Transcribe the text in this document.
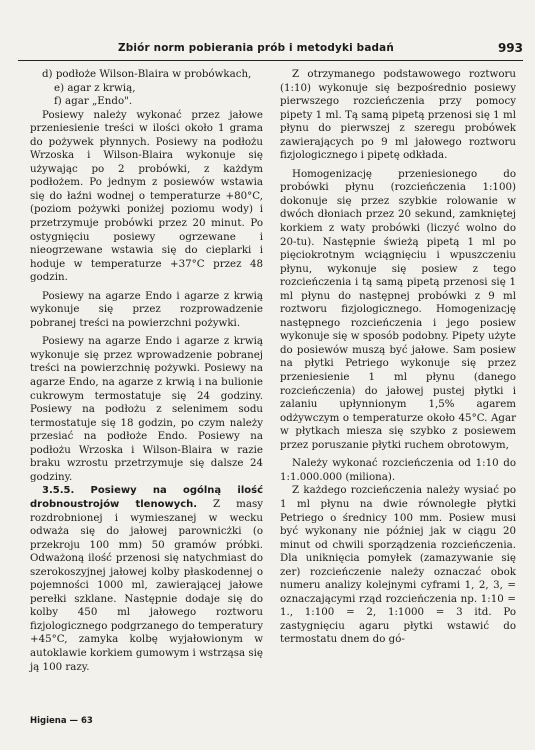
Zbiór norm pobierania prób i metodyki badań	993

d) podłoże Wilson-Blaira w probówkach,

e) agar z krwią,

f) agar „Endo".

Posiewy należy wykonać przez jałowe przeniesienie treści w ilości około 1 grama do pożywek płynnych. Posiewy na podłożu Wrzoska i Wilson-Blaira wykonuje się używając po 2 probówki, z każdym podłożem. Po jednym z posiewów wstawia się do łaźni wodnej o temperaturze +80°C, (poziom pożywki poniżej poziomu wody) i przetrzymuje probówki przez 20 minut. Po ostygnięciu posiewy ogrzewane i nieogrzewane wstawia się do cieplarki i hoduje w temperaturze +37°C przez 48 godzin.

Posiewy na agarze Endo i agarze z krwią wykonuje się przez rozprowadzenie pobranej treści na powierzchni pożywki.

Posiewy na agarze Endo i agarze z krwią wykonuje się przez wprowadzenie pobranej treści na powierzchnię pożywki. Posiewy na agarze Endo, na agarze z krwią i na bulionie cukrowym termostatuje się 24 godziny. Posiewy na podłożu z selenimem sodu termostatuje się 18 godzin, po czym należy przesiać na podłoże Endo. Posiewy na podłożu Wrzoska i Wilson-Blaira w razie braku wzrostu przetrzymuje się dalsze 24 godziny.

3.5.5. Posiewy na ogólną ilość drobnoustrojów tlenowych. Z masy rozdrobnionej i wymieszanej w wecku odważa się do jałowej parownicżki (o przekroju 100 mm) 50 gramów próbki. Odważoną ilość przenosi się natychmiast do szerokoszyjnej jałowej kolby płaskodennej o pojemności 1000 ml, zawierającej jałowe perełki szklane. Następnie dodaje się do kolby 450 ml jałowego roztworu fizjologicznego podgrzanego do temperatury +45°C, zamyka kolbę wyjałowionym w autoklawie korkiem gumowym i wstrząsa się ją 100 razy.

Z otrzymanego podstawowego roztworu (1:10) wykonuje się bezpośrednio posiewy pierwszego rozcieńczenia przy pomocy pipety 1 ml. Tą samą pipetą przenosi się 1 ml płynu do pierwszej z szeregu probówek zawierających po 9 ml jałowego roztworu fizjologicznego i pipetę odkłada.

Homogenizację przeniesionego do probówki płynu (rozcieńczenia 1:100) dokonuje się przez szybkie rolowanie w dwóch dłoniach przez 20 sekund, zamkniętej korkiem z waty probówki (liczyć wolno do 20-tu). Następnie świeżą pipetą 1 ml po pięciokrotnym wciągnięciu i wpuszczeniu płynu, wykonuje się posiew z tego rozcieńczenia i tą samą pipetą przenosi się 1 ml płynu do następnej probówki z 9 ml roztworu fizjologicznego. Homogenizację następnego rozcieńczenia i jego posiew wykonuje się w sposób podobny. Pipety użyte do posiewów muszą być jałowe. Sam posiew na płytki Petriego wykonuje się przez przeniesienie 1 ml płynu (danego rozcieńczenia) do jałowej pustej płytki i zalaniu upłynnionym 1,5% agarem odżywczym o temperaturze około 45°C. Agar w płytkach miesza się szybko z posiewem przez poruszanie płytki ruchem obrotowym,

Należy wykonać rozcieńczenia od 1:10 do 1:1.000.000 (miliona).

Z każdego rozcieńczenia należy wysiać po 1 ml płynu na dwie równoległe płytki Petriego o średnicy 100 mm. Posiew musi być wykonany nie później jak w ciągu 20 minut od chwili sporządzenia rozcieńczenia. Dla uniknięcia pomyłek (zamazywanie się zer) rozcieńczenie należy oznaczać obok numeru analizy kolejnymi cyframi 1, 2, 3, = oznaczającymi rząd rozcieńczenia np. 1:10 = 1., 1:100 = 2, 1:1000 = 3 itd. Po zastygnięciu agaru płytki wstawić do termostatu dnem do gó-

Higiena — 63
